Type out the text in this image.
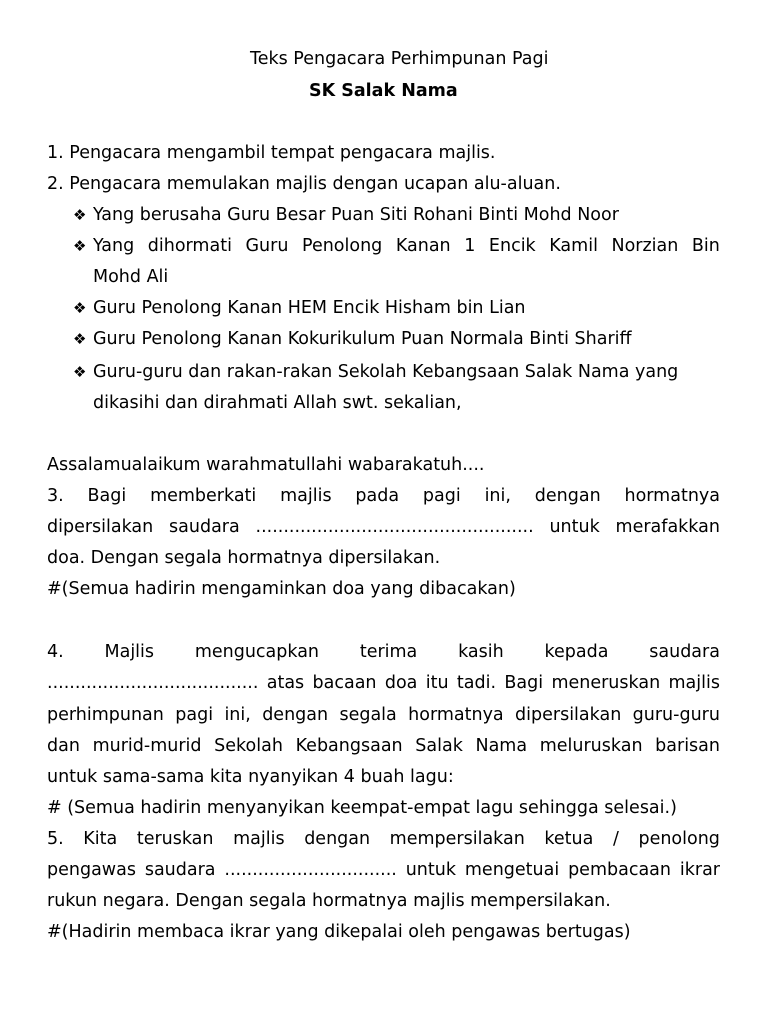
Teks Pengacara Perhimpunan Pagi
SK Salak Nama
1. Pengacara mengambil tempat pengacara majlis.
2. Pengacara memulakan majlis dengan ucapan alu-aluan.
❖ Yang berusaha Guru Besar Puan Siti Rohani Binti Mohd Noor
❖ Yang dihormati Guru Penolong Kanan 1 Encik Kamil Norzian Bin
Mohd Ali
❖ Guru Penolong Kanan HEM Encik Hisham bin Lian
❖ Guru Penolong Kanan Kokurikulum Puan Normala Binti Shariff
❖ Guru-guru dan rakan-rakan Sekolah Kebangsaan Salak Nama yang
dikasihi dan dirahmati Allah swt. sekalian,
Assalamualaikum warahmatullahi wabarakatuh....
3. Bagi memberkati majlis pada pagi ini, dengan hormatnya
dipersilakan saudara .................................................. untuk merafakkan
doa. Dengan segala hormatnya dipersilakan.
#(Semua hadirin mengaminkan doa yang dibacakan)
4. Majlis mengucapkan terima kasih kepada saudara
...................................... atas bacaan doa itu tadi. Bagi meneruskan majlis
perhimpunan pagi ini, dengan segala hormatnya dipersilakan guru-guru
dan murid-murid Sekolah Kebangsaan Salak Nama meluruskan barisan
untuk sama-sama kita nyanyikan 4 buah lagu:
# (Semua hadirin menyanyikan keempat-empat lagu sehingga selesai.)
5. Kita teruskan majlis dengan mempersilakan ketua / penolong
pengawas saudara ............................... untuk mengetuai pembacaan ikrar
rukun negara. Dengan segala hormatnya majlis mempersilakan.
#(Hadirin membaca ikrar yang dikepalai oleh pengawas bertugas)
